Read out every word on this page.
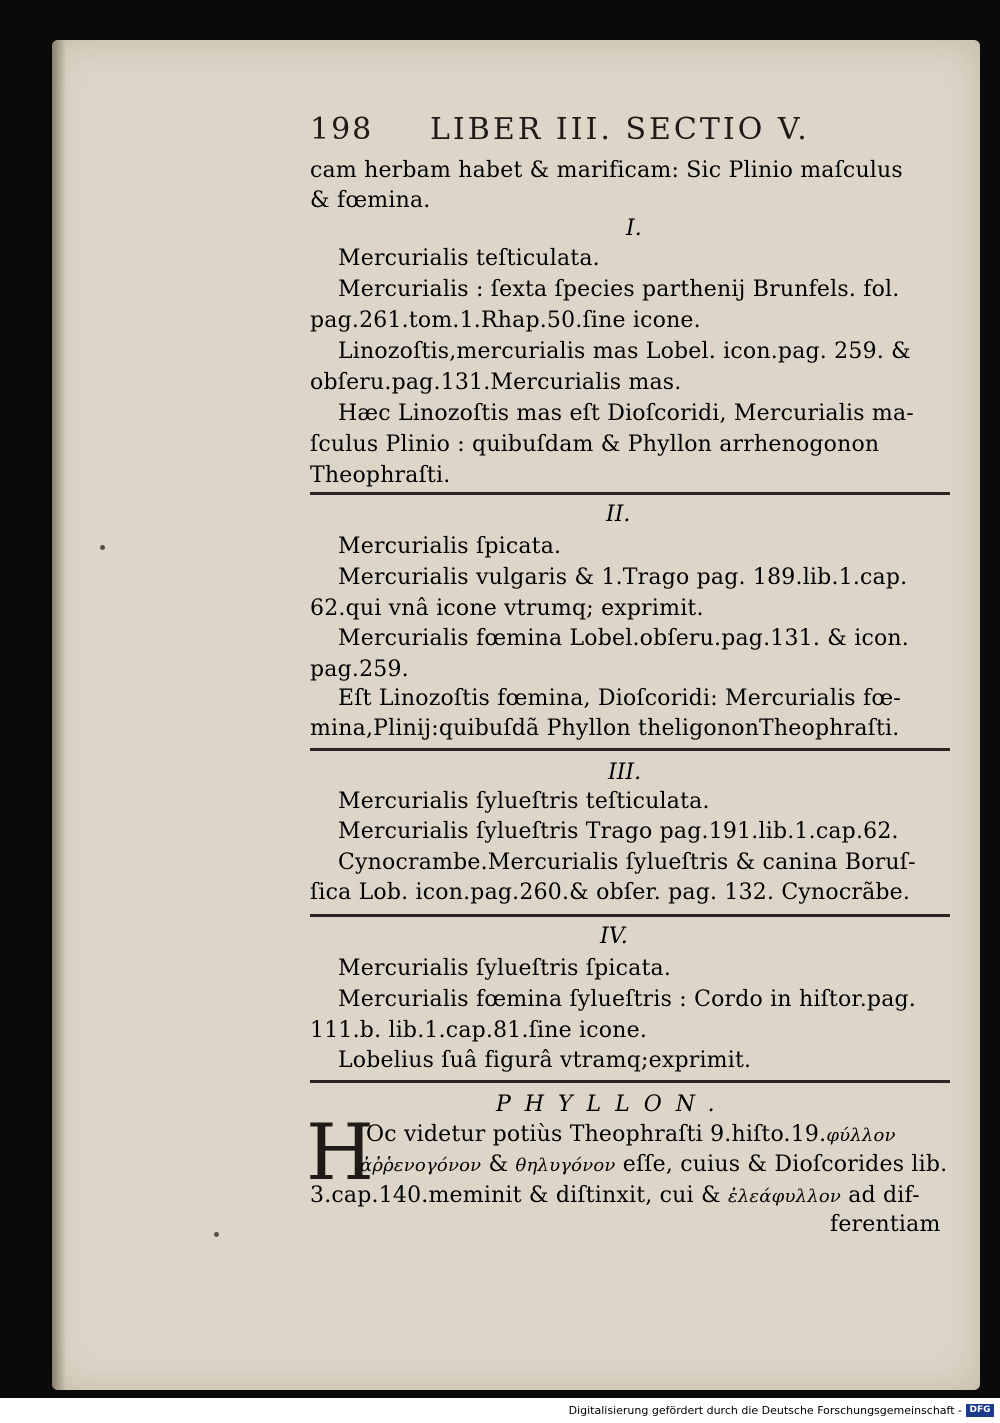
198	LIBER III. SECTIO V.
cam herbam habet & marificam: Sic Plinio maſculus
& fœmina.
I.
Mercurialis teſticulata.
Mercurialis : ſexta ſpecies parthenij Brunfels. fol.
pag.261.tom.1.Rhap.50.ſine icone.
Linozoſtis,mercurialis mas Lobel. icon.pag. 259. &
obſeru.pag.131.Mercurialis mas.
Hæc Linozoſtis mas eſt Dioſcoridi, Mercurialis ma-
ſculus Plinio : quibuſdam & Phyllon arrhenogonon
Theophraſti.
II.
Mercurialis ſpicata.
Mercurialis vulgaris & 1.Trago pag. 189.lib.1.cap.
62.qui vnâ icone vtrumq; exprimit.
Mercurialis fœmina Lobel.obſeru.pag.131. & icon.
pag.259.
Eſt Linozoſtis fœmina, Dioſcoridi: Mercurialis fœ-
mina,Plinij:quibuſdã Phyllon theligononTheophraſti.
III.
Mercurialis ſylueſtris teſticulata.
Mercurialis ſylueſtris Trago pag.191.lib.1.cap.62.
Cynocrambe.Mercurialis ſylueſtris & canina Boruſ-
ſica Lob. icon.pag.260.& obſer. pag. 132. Cynocrãbe.
IV.
Mercurialis ſylueſtris ſpicata.
Mercurialis fœmina ſylueſtris : Cordo in hiſtor.pag.
111.b. lib.1.cap.81.ſine icone.
Lobelius ſuâ figurâ vtramq;exprimit.
PHYLLON.
H
Oc videtur potiùs Theophraſti 9.hiſto.19.φύλλον
ἀῤῥενογόνον & θηλυγόνον eſſe, cuius & Dioſcorides lib.
3.cap.140.meminit & diſtinxit, cui & ἐλεάφυλλον ad dif-
ferentiam
Digitalisierung gefördert durch die Deutsche Forschungsgemeinschaft - DFG
